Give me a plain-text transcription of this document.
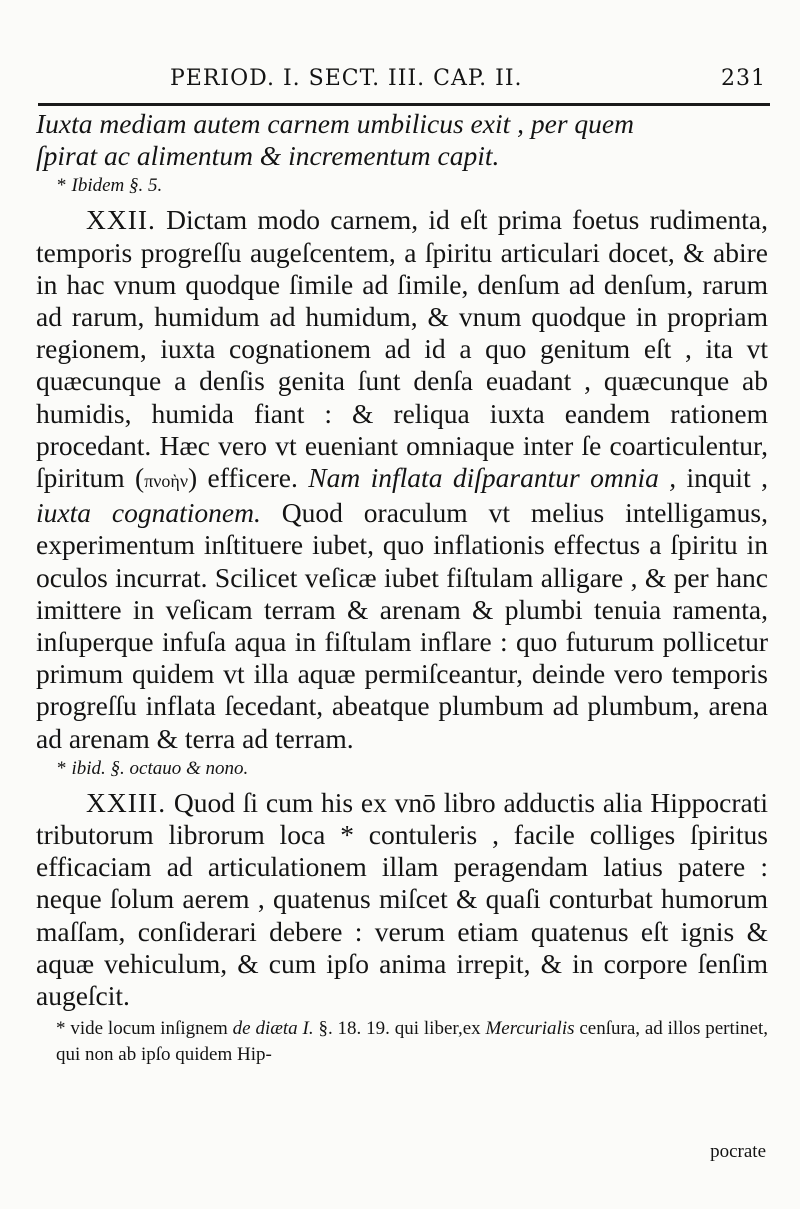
PERIOD. I. SECT. III. CAP. II.	231

Iuxta mediam autem carnem umbilicus exit , per quem

ſpirat ac alimentum & incrementum capit.

* Ibidem §. 5.

XXII. Dictam modo carnem, id eſt prima foetus rudimenta, temporis progreſſu augeſcentem, a ſpiritu articulari docet, & abire in hac vnum quodque ſimile ad ſimile, denſum ad denſum, rarum ad rarum, humidum ad humidum, & vnum quodque in propriam regionem, iuxta cognationem ad id a quo genitum eſt , ita vt quæcunque a denſis genita ſunt denſa euadant , quæcunque ab humidis, humida fiant : & reliqua iuxta eandem rationem procedant. Hæc vero vt eueniant omniaque inter ſe coarticulentur, ſpiritum (πνοὴν) efficere. Nam inflata diſparantur omnia , inquit , iuxta cognationem. Quod oraculum vt melius intelligamus, experimentum inſtituere iubet, quo inflationis effectus a ſpiritu in oculos incurrat. Scilicet veſicæ iubet fiſtulam alligare , & per hanc imittere in veſicam terram & arenam & plumbi tenuia ramenta, inſuperque infuſa aqua in fiſtulam inflare : quo futurum pollicetur primum quidem vt illa aquæ permiſceantur, deinde vero temporis progreſſu inflata ſecedant, abeatque plumbum ad plumbum, arena ad arenam & terra ad terram.

* ibid. §. octauo & nono.

XXIII. Quod ſi cum his ex vnō libro adductis alia Hippocrati tributorum librorum loca * contuleris , facile colliges ſpiritus efficaciam ad articulationem illam peragendam latius patere : neque ſolum aerem , quatenus miſcet & quaſi conturbat humorum maſſam, conſiderari debere : verum etiam quatenus eſt ignis & aquæ vehiculum, & cum ipſo anima irrepit, & in corpore ſenſim augeſcit.

* vide locum inſignem de diæta I. §. 18. 19. qui liber,ex Mercurialis cenſura, ad illos pertinet, qui non ab ipſo quidem Hip-
pocrate
